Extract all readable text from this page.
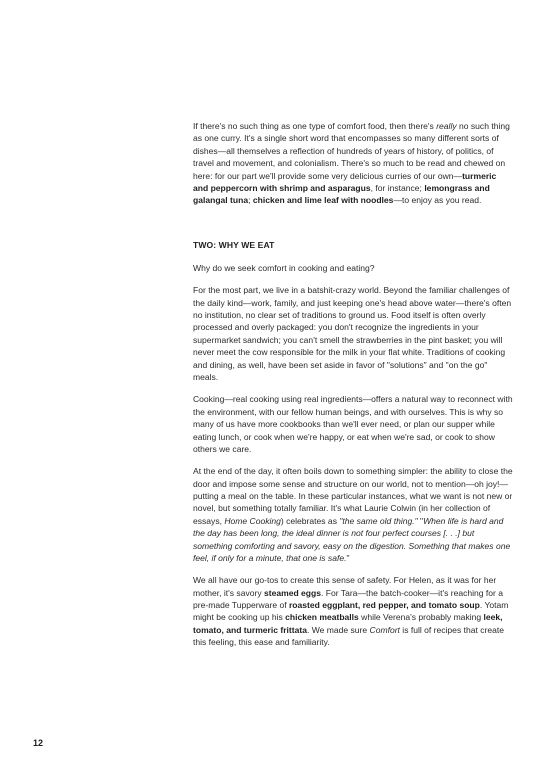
If there's no such thing as one type of comfort food, then there's really no such thing as one curry. It's a single short word that encompasses so many different sorts of dishes—all themselves a reflection of hundreds of years of history, of politics, of travel and movement, and colonialism. There's so much to be read and chewed on here: for our part we'll provide some very delicious curries of our own—turmeric and peppercorn with shrimp and asparagus, for instance; lemongrass and galangal tuna; chicken and lime leaf with noodles—to enjoy as you read.

TWO: WHY WE EAT

Why do we seek comfort in cooking and eating?

For the most part, we live in a batshit-crazy world. Beyond the familiar challenges of the daily kind—work, family, and just keeping one's head above water—there's often no institution, no clear set of traditions to ground us. Food itself is often overly processed and overly packaged: you don't recognize the ingredients in your supermarket sandwich; you can't smell the strawberries in the pint basket; you will never meet the cow responsible for the milk in your flat white. Traditions of cooking and dining, as well, have been set aside in favor of "solutions" and "on the go" meals.

Cooking—real cooking using real ingredients—offers a natural way to reconnect with the environment, with our fellow human beings, and with ourselves. This is why so many of us have more cookbooks than we'll ever need, or plan our supper while eating lunch, or cook when we're happy, or eat when we're sad, or cook to show others we care.

At the end of the day, it often boils down to something simpler: the ability to close the door and impose some sense and structure on our world, not to mention—oh joy!—putting a meal on the table. In these particular instances, what we want is not new or novel, but something totally familiar. It's what Laurie Colwin (in her collection of essays, Home Cooking) celebrates as "the same old thing." "When life is hard and the day has been long, the ideal dinner is not four perfect courses [. . .] but something comforting and savory, easy on the digestion. Something that makes one feel, if only for a minute, that one is safe."

We all have our go-tos to create this sense of safety. For Helen, as it was for her mother, it's savory steamed eggs. For Tara—the batch-cooker—it's reaching for a pre-made Tupperware of roasted eggplant, red pepper, and tomato soup. Yotam might be cooking up his chicken meatballs while Verena's probably making leek, tomato, and turmeric frittata. We made sure Comfort is full of recipes that create this feeling, this ease and familiarity.

12
